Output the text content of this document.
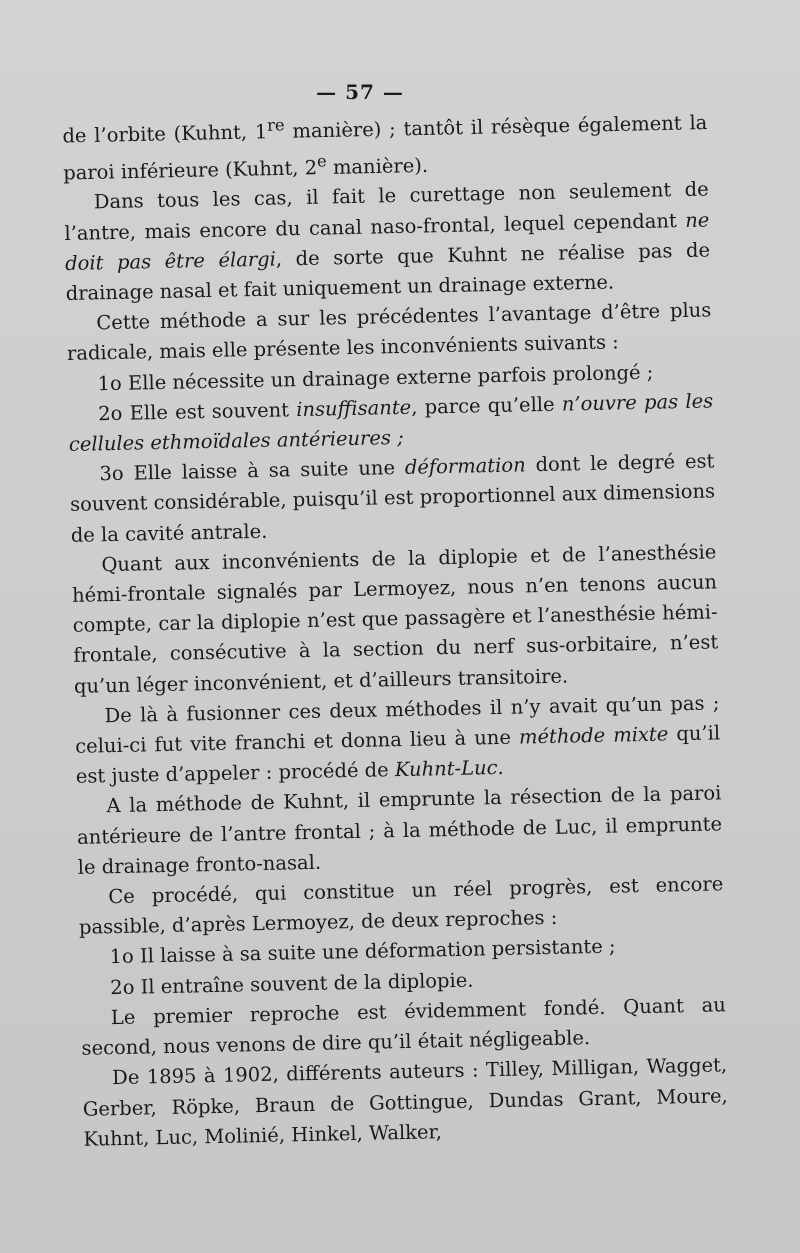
— 57 —

de l’orbite (Kuhnt, 1re manière) ; tantôt il résèque également la paroi inférieure (Kuhnt, 2e manière).

Dans tous les cas, il fait le curettage non seulement de l’antre, mais encore du canal naso-frontal, lequel cependant ne doit pas être élargi, de sorte que Kuhnt ne réalise pas de drainage nasal et fait uniquement un drainage externe.

Cette méthode a sur les précédentes l’avantage d’être plus radicale, mais elle présente les inconvénients suivants :

1o Elle nécessite un drainage externe parfois prolongé ;

2o Elle est souvent insuffisante, parce qu’elle n’ouvre pas les cellules ethmoïdales antérieures ;

3o Elle laisse à sa suite une déformation dont le degré est souvent considérable, puisqu’il est proportionnel aux dimensions de la cavité antrale.

Quant aux inconvénients de la diplopie et de l’anesthésie hémi-frontale signalés par Lermoyez, nous n’en tenons aucun compte, car la diplopie n’est que passagère et l’anesthésie hémi-frontale, consécutive à la section du nerf sus-orbitaire, n’est qu’un léger inconvénient, et d’ailleurs transitoire.

De là à fusionner ces deux méthodes il n’y avait qu’un pas ; celui-ci fut vite franchi et donna lieu à une méthode mixte qu’il est juste d’appeler : procédé de Kuhnt-Luc.

A la méthode de Kuhnt, il emprunte la résection de la paroi antérieure de l’antre frontal ; à la méthode de Luc, il emprunte le drainage fronto-nasal.

Ce procédé, qui constitue un réel progrès, est encore passible, d’après Lermoyez, de deux reproches :

1o Il laisse à sa suite une déformation persistante ;

2o Il entraîne souvent de la diplopie.

Le premier reproche est évidemment fondé. Quant au second, nous venons de dire qu’il était négligeable.

De 1895 à 1902, différents auteurs : Tilley, Milligan, Wagget, Gerber, Röpke, Braun de Gottingue, Dundas Grant, Moure, Kuhnt, Luc, Molinié, Hinkel, Walker,
